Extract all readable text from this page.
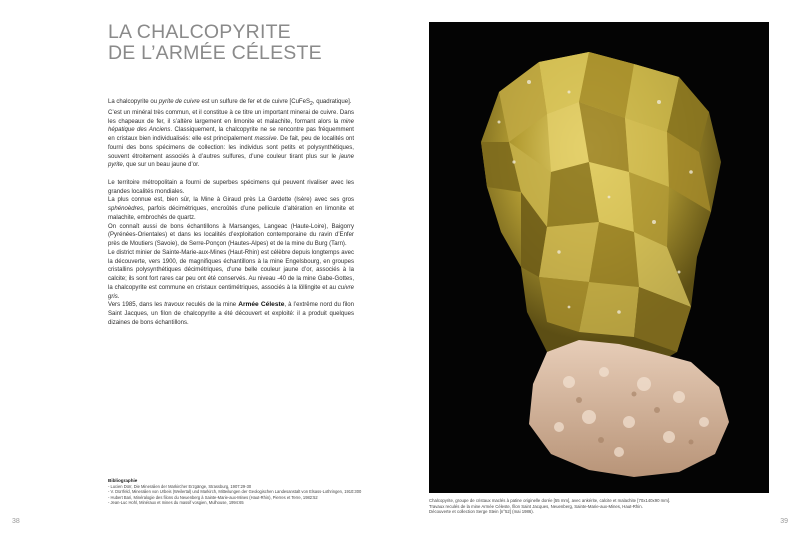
LA CHALCOPYRITE
DE L’ARMÉE CÉLESTE

La chalcopyrite ou pyrite de cuivre est un sulfure de fer et de cuivre [CuFeS$_2$, quadratique].

C’est un minéral très commun, et il constitue à ce titre un important minerai de cuivre. Dans les chapeaux de fer, il s’altère largement en limonite et malachite, formant alors la mine hépatique des Anciens. Classiquement, la chalcopyrite ne se rencontre pas fréquemment en cristaux bien individualisés: elle est principalement massive. De fait, peu de localités ont fourni des bons spécimens de collection: les individus sont petits et polysynthétiques, souvent étroitement associés à d’autres sulfures, d’une couleur tirant plus sur le jaune pyrite, que sur un beau jaune d’or.

Le territoire métropolitain a fourni de superbes spécimens qui peuvent rivaliser avec les grandes localités mondiales.

La plus connue est, bien sûr, la Mine à Giraud près La Gardette (Isère) avec ses gros sphénoèdres, parfois décimétriques, encroûtés d’une pellicule d’altération en limonite et malachite, embrochés de quartz.

On connaît aussi de bons échantillons à Marsanges, Langeac (Haute-Loire), Baigorry (Pyrénées-Orientales) et dans les localités d’exploitation contemporaine du ravin d’Enfer près de Moutiers (Savoie), de Serre-Ponçon (Hautes-Alpes) et de la mine du Burg (Tarn).

Le district minier de Sainte-Marie-aux-Mines (Haut-Rhin) est célèbre depuis longtemps avec la découverte, vers 1900, de magnifiques échantillons à la mine Engelsbourg, en groupes cristallins polysynthétiques décimétriques, d’une belle couleur jaune d’or, associés à la calcite; ils sont fort rares car peu ont été conservés. Au niveau -40 de la mine Gabe-Gottes, la chalcopyrite est commune en cristaux centimétriques, associés à la löllingite et au cuivre gris.

Vers 1985, dans les travoux reculés de la mine Armée Céleste, à l’extrême nord du filon Saint Jacques, un filon de chalcopyrite a été découvert et exploité: il a produit quelques dizaines de bons échantillons.

Bibliographie
- Lucien Dürr, Die Mineralien der Markircher Erzgänge, Strassburg, 1907:29-30
- V. Dürrfeld, Mineralien von Urbeis (Weilertal) und Markirch, Mitteilungen der Geologischen Landesanstalt von Elsass-Lothringen, 1910:300
- Hubert Bari, Minéralogie des filons du Neuenberg à Sainte-Marie-aux-Mines (Haut-Rhin), Pierres et Terre, 1982:52
- Jean-Luc Hohl, Minéraux et mines du massif vosgien, Mulhouse, 1994:65
38
Chalcopyrite, groupe de cristaux maclés à patine originelle dorée [55 mm], avec ankérite, calcite et malachite [70x140x90 mm].
Travaux reculés de la mine Armée Céleste, filon Saint Jacques, Neuenberg, Sainte-Marie-aux-Mines, Haut-Rhin.
Découverte et collection Serge Stein [n°52] (mai 1986).
39
